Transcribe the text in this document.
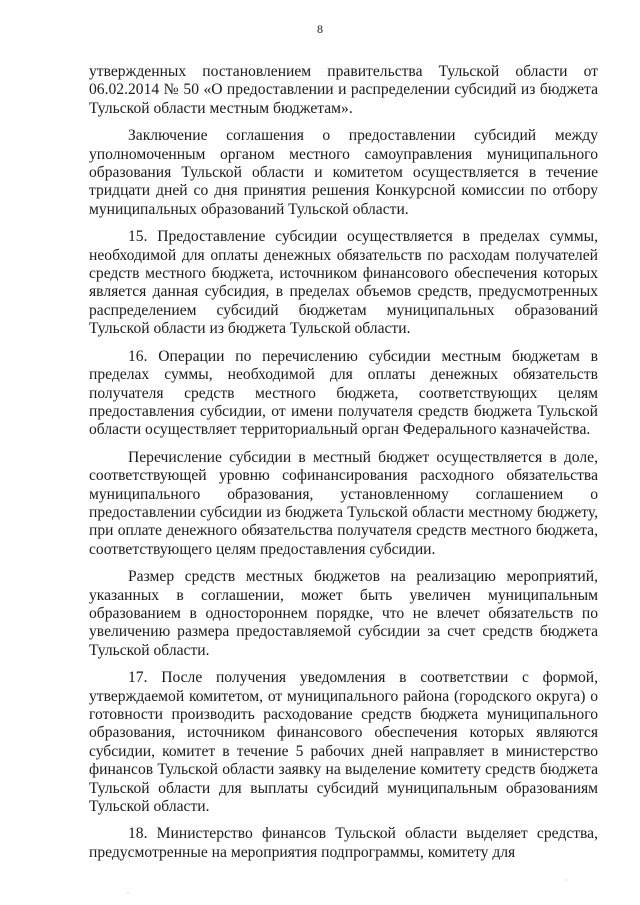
8

утвержденных постановлением правительства Тульской области от 06.02.2014 № 50 «О предоставлении и распределении субсидий из бюджета Тульской области местным бюджетам».

Заключение соглашения о предоставлении субсидий между уполномоченным органом местного самоуправления муниципального образования Тульской области и комитетом осуществляется в течение тридцати дней со дня принятия решения Конкурсной комиссии по отбору муниципальных образований Тульской области.

15. Предоставление субсидии осуществляется в пределах суммы, необходимой для оплаты денежных обязательств по расходам получателей средств местного бюджета, источником финансового обеспечения которых является данная субсидия, в пределах объемов средств, предусмотренных распределением субсидий бюджетам муниципальных образований Тульской области из бюджета Тульской области.

16. Операции по перечислению субсидии местным бюджетам в пределах суммы, необходимой для оплаты денежных обязательств получателя средств местного бюджета, соответствующих целям предоставления субсидии, от имени получателя средств бюджета Тульской области осуществляет территориальный орган Федерального казначейства.

Перечисление субсидии в местный бюджет осуществляется в доле, соответствующей уровню софинансирования расходного обязательства муниципального образования, установленному соглашением о предоставлении субсидии из бюджета Тульской области местному бюджету, при оплате денежного обязательства получателя средств местного бюджета, соответствующего целям предоставления субсидии.

Размер средств местных бюджетов на реализацию мероприятий, указанных в соглашении, может быть увеличен муниципальным образованием в одностороннем порядке, что не влечет обязательств по увеличению размера предоставляемой субсидии за счет средств бюджета Тульской области.

17. После получения уведомления в соответствии с формой, утверждаемой комитетом, от муниципального района (городского округа) о готовности производить расходование средств бюджета муниципального образования, источником финансового обеспечения которых являются субсидии, комитет в течение 5 рабочих дней направляет в министерство финансов Тульской области заявку на выделение комитету средств бюджета Тульской области для выплаты субсидий муниципальным образованиям Тульской области.

18. Министерство финансов Тульской области выделяет средства, предусмотренные на мероприятия подпрограммы, комитету для
